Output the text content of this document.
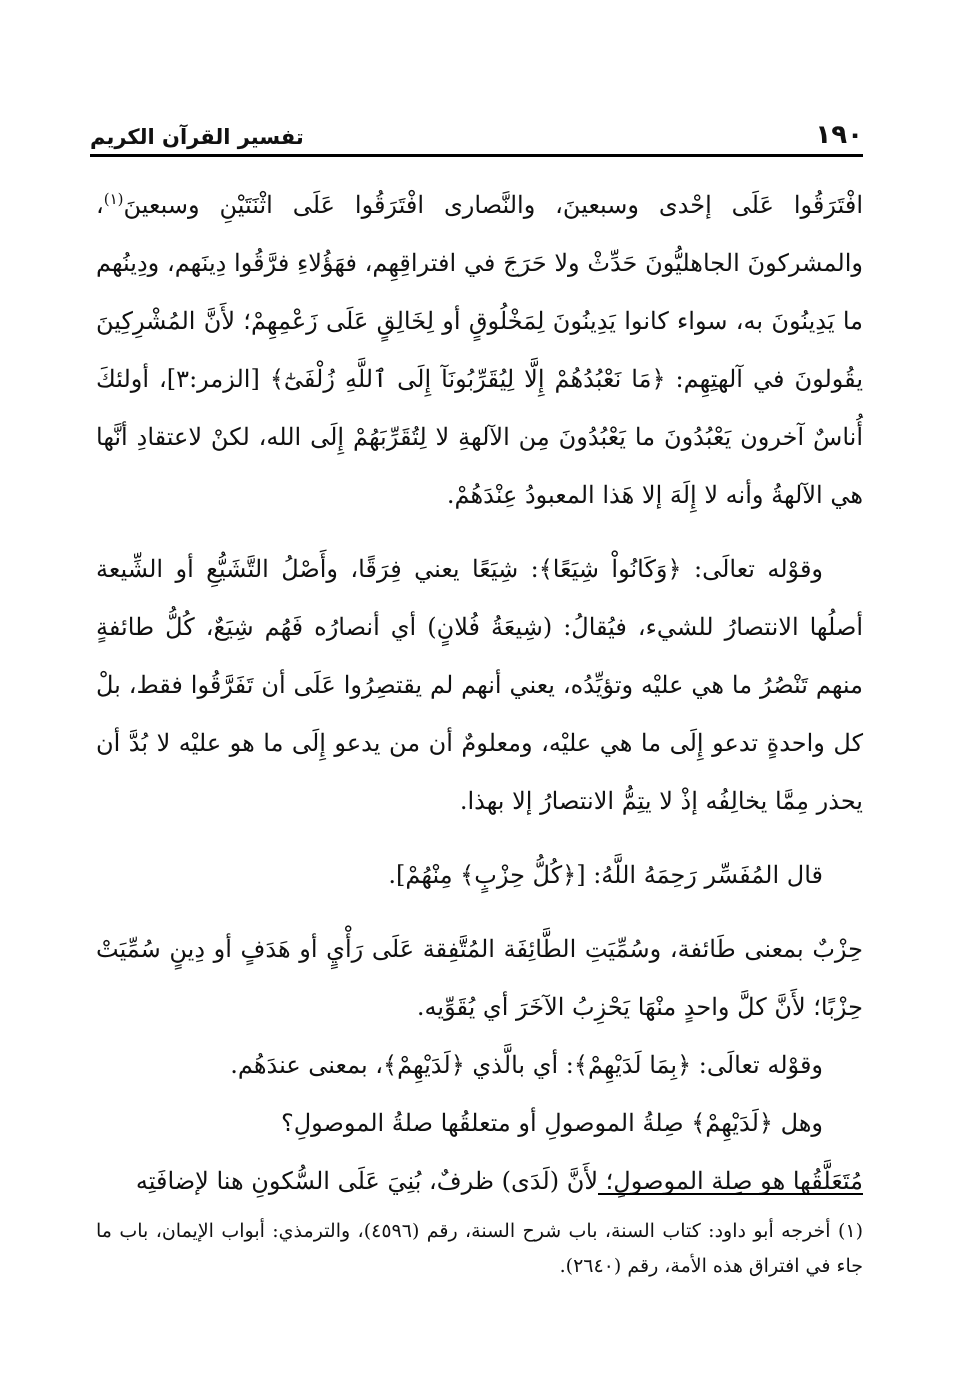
١٩٠
تفسير القرآن الكريم

افْتَرَقُوا عَلَى إحْدى وسبعينَ، والنَّصارى افْتَرَقُوا عَلَى اثْنَتَيْنِ وسبعينَ$^{(١)}$، والمشركونَ الجاهليُّونَ حَدِّثْ ولا حَرَجَ في افتراقِهِم، فهَؤُلاءِ فرَّقُوا دِينَهم، ودِينُهم ما يَدِينُونَ به، سواء كانوا يَدِينُونَ لِمَخْلُوقٍ أو لِخَالِقٍ عَلَى زَعْمِهِمْ؛ لأَنَّ المُشْرِكِينَ يقُولونَ في آلهتِهِم: ﴿مَا نَعْبُدُهُمْ إِلَّا لِيُقَرِّبُونَآ إِلَى ٱللَّهِ زُلْفَىٰٓ﴾ [الزمر:٣]، أولئكَ أُناسٌ آخرون يَعْبُدُونَ ما يَعْبُدُونَ مِن الآلهةِ لا لِتُقَرِّبَهُمْ إِلَى الله، لكنْ لاعتقادِ أنَّها هي الآلهةُ وأنه لا إِلَهَ إلا هَذا المعبودُ عِنْدَهُمْ.

وقوْله تعالَى: ﴿وَكَانُواْ شِيَعًا﴾: شِيَعًا يعني فِرَقًا، وأَصْلُ التَّشَيُّعِ أو الشِّيعة أصلُها الانتصارُ للشيء، فيُقالُ: (شِيعَةُ فُلانٍ) أي أنصارُه فَهُم شِيَعٌ، كُلُّ طائفةٍ منهم تَنْصُرُ ما هي عليْه وتؤيِّدُه، يعني أنهم لم يقتصِرُوا عَلَى أن تَفَرَّقُوا فقط، بلْ كل واحدةٍ تدعو إِلَى ما هي عليْه، ومعلومٌ أن من يدعو إِلَى ما هو عليْه لا بُدَّ أن يحذر مِمَّا يخالِفُه إذْ لا يتِمُّ الانتصارُ إلا بهذا.

قال المُفَسِّر رَحِمَهُ اللَّهُ: [﴿كُلُّ حِزْبٍ﴾ مِنْهُمْ].

حِزْبٌ بمعنى طَائفة، وسُمِّيَتِ الطَّائِفَة المُتَّفِقة عَلَى رَأْيٍ أو هَدَفٍ أو دِينٍ سُمِّيَتْ حِزْبًا؛ لأَنَّ كلَّ واحدٍ منْهَا يَحْزِبُ الآخَرَ أي يُقَوِّيه.

وقوْله تعالَى: ﴿بِمَا لَدَيْهِمْ﴾: أي بالَّذي ﴿لَدَيْهِمْ﴾، بمعنى عندَهُم.

وهل ﴿لَدَيْهِمْ﴾ صِلةُ الموصولِ أو متعلقُها صلةُ الموصولِ؟

مُتَعَلَّقُها هو صِلة الموصولِ؛ لأَنَّ (لَدَى) ظرفٌ، بُنِيَ عَلَى السُّكونِ هنا لإضافَتِه

(١) أخرجه أبو داود: كتاب السنة، باب شرح السنة، رقم (٤٥٩٦)، والترمذي: أبواب الإيمان، باب ما جاء في افتراق هذه الأمة، رقم (٢٦٤٠).
